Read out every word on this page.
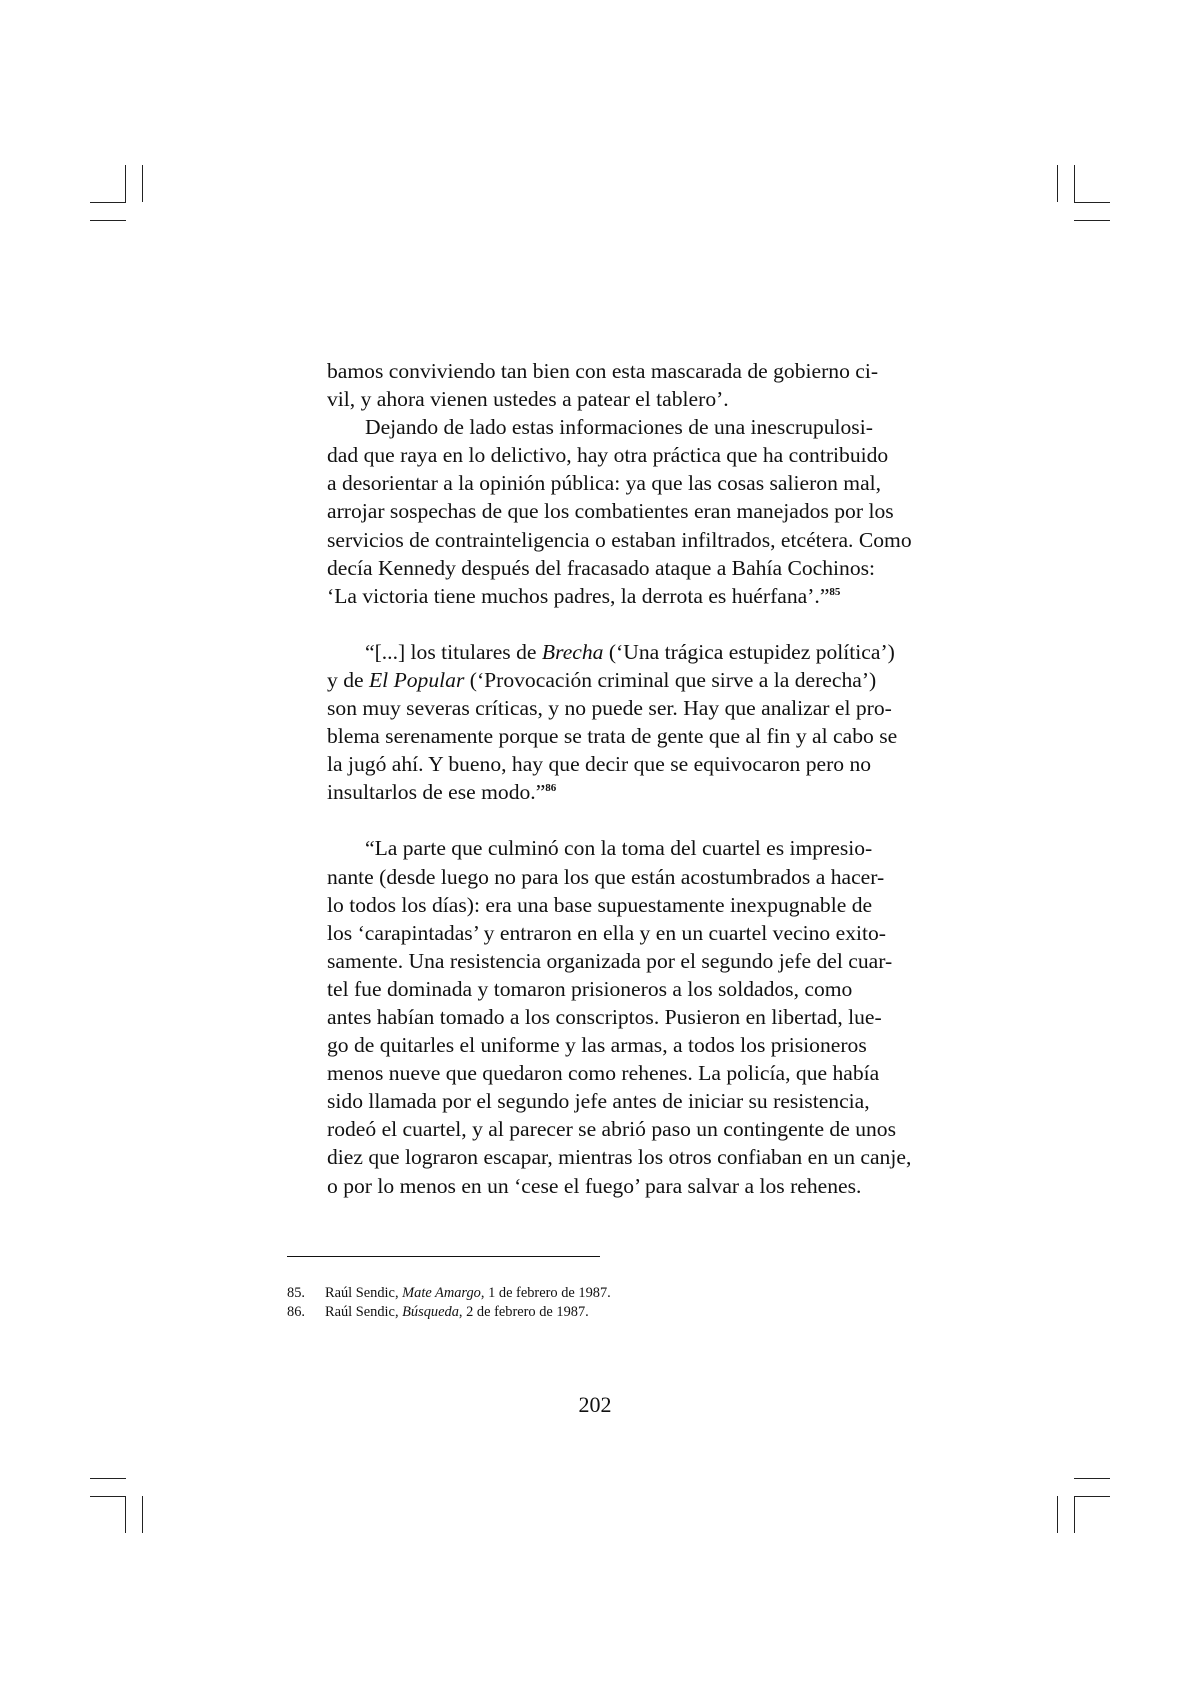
bamos conviviendo tan bien con esta mascarada de gobierno ci-
vil, y ahora vienen ustedes a patear el tablero’.

Dejando de lado estas informaciones de una inescrupulosi-
dad que raya en lo delictivo, hay otra práctica que ha contribuido
a desorientar a la opinión pública: ya que las cosas salieron mal,
arrojar sospechas de que los combatientes eran manejados por los
servicios de contrainteligencia o estaban infiltrados, etcétera. Como
decía Kennedy después del fracasado ataque a Bahía Cochinos:
‘La victoria tiene muchos padres, la derrota es huérfana’.”$^{85}$

“[...] los titulares de Brecha (‘Una trágica estupidez política’)
y de El Popular (‘Provocación criminal que sirve a la derecha’)
son muy severas críticas, y no puede ser. Hay que analizar el pro-
blema serenamente porque se trata de gente que al fin y al cabo se
la jugó ahí. Y bueno, hay que decir que se equivocaron pero no
insultarlos de ese modo.”$^{86}$

“La parte que culminó con la toma del cuartel es impresio-
nante (desde luego no para los que están acostumbrados a hacer-
lo todos los días): era una base supuestamente inexpugnable de
los ‘carapintadas’ y entraron en ella y en un cuartel vecino exito-
samente. Una resistencia organizada por el segundo jefe del cuar-
tel fue dominada y tomaron prisioneros a los soldados, como
antes habían tomado a los conscriptos. Pusieron en libertad, lue-
go de quitarles el uniforme y las armas, a todos los prisioneros
menos nueve que quedaron como rehenes. La policía, que había
sido llamada por el segundo jefe antes de iniciar su resistencia,
rodeó el cuartel, y al parecer se abrió paso un contingente de unos
diez que lograron escapar, mientras los otros confiaban en un canje,
o por lo menos en un ‘cese el fuego’ para salvar a los rehenes.

85. Raúl Sendic, Mate Amargo, 1 de febrero de 1987.
86. Raúl Sendic, Búsqueda, 2 de febrero de 1987.
202
